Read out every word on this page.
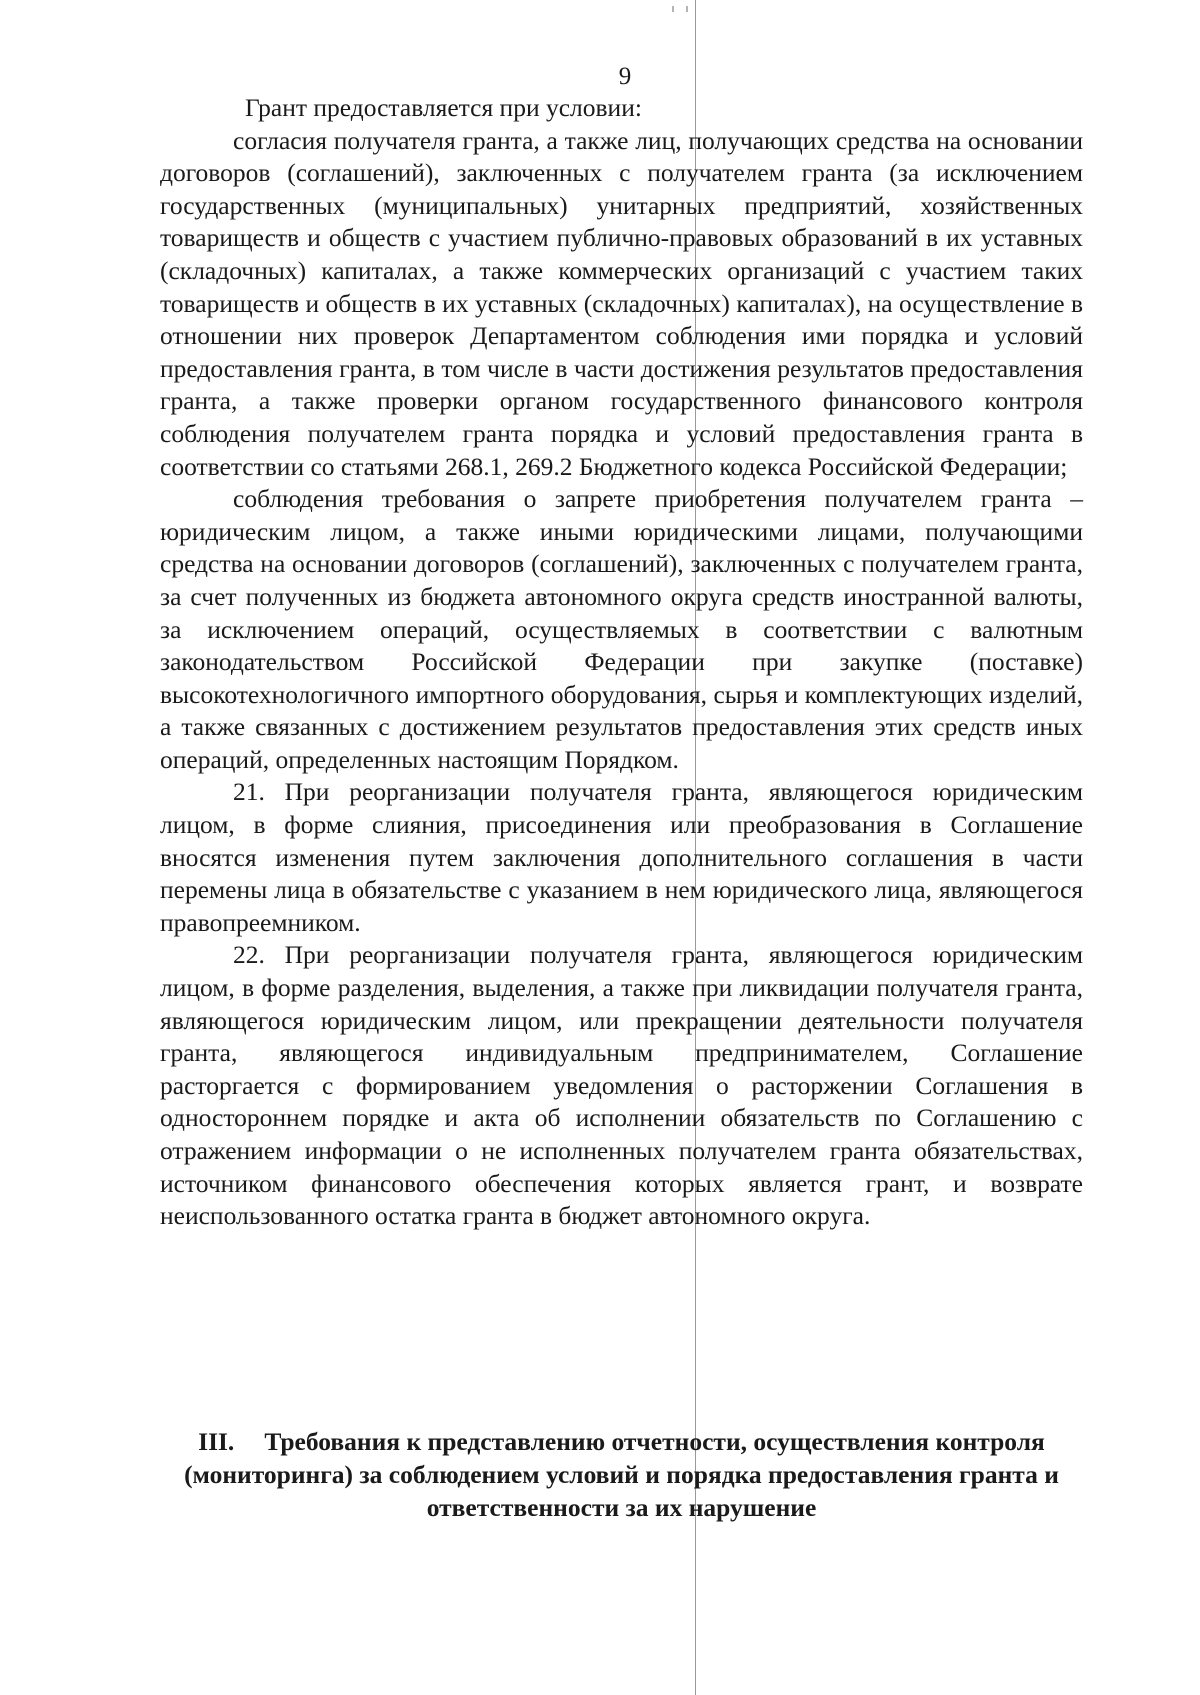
9

Грант предоставляется при условии:

согласия получателя гранта, а также лиц, получающих средства на основании договоров (соглашений), заключенных с получателем гранта (за исключением государственных (муниципальных) унитарных предприятий, хозяйственных товариществ и обществ с участием публично-правовых образований в их уставных (складочных) капиталах, а также коммерческих организаций с участием таких товариществ и обществ в их уставных (складочных) капиталах), на осуществление в отношении них проверок Департаментом соблюдения ими порядка и условий предоставления гранта, в том числе в части достижения результатов предоставления гранта, а также проверки органом государственного финансового контроля соблюдения получателем гранта порядка и условий предоставления гранта в соответствии со статьями 268.1, 269.2 Бюджетного кодекса Российской Федерации;

соблюдения требования о запрете приобретения получателем гранта – юридическим лицом, а также иными юридическими лицами, получающими средства на основании договоров (соглашений), заключенных с получателем гранта, за счет полученных из бюджета автономного округа средств иностранной валюты, за исключением операций, осуществляемых в соответствии с валютным законодательством Российской Федерации при закупке (поставке) высокотехнологичного импортного оборудования, сырья и комплектующих изделий, а также связанных с достижением результатов предоставления этих средств иных операций, определенных настоящим Порядком.

21. При реорганизации получателя гранта, являющегося юридическим лицом, в форме слияния, присоединения или преобразования в Соглашение вносятся изменения путем заключения дополнительного соглашения в части перемены лица в обязательстве с указанием в нем юридического лица, являющегося правопреемником.

22. При реорганизации получателя гранта, являющегося юридическим лицом, в форме разделения, выделения, а также при ликвидации получателя гранта, являющегося юридическим лицом, или прекращении деятельности получателя гранта, являющегося индивидуальным предпринимателем, Соглашение расторгается с формированием уведомления о расторжении Соглашения в одностороннем порядке и акта об исполнении обязательств по Соглашению с отражением информации о не исполненных получателем гранта обязательствах, источником финансового обеспечения которых является грант, и возврате неиспользованного остатка гранта в бюджет автономного округа.

III. Требования к представлению отчетности, осуществления контроля (мониторинга) за соблюдением условий и порядка предоставления гранта и ответственности за их нарушение
